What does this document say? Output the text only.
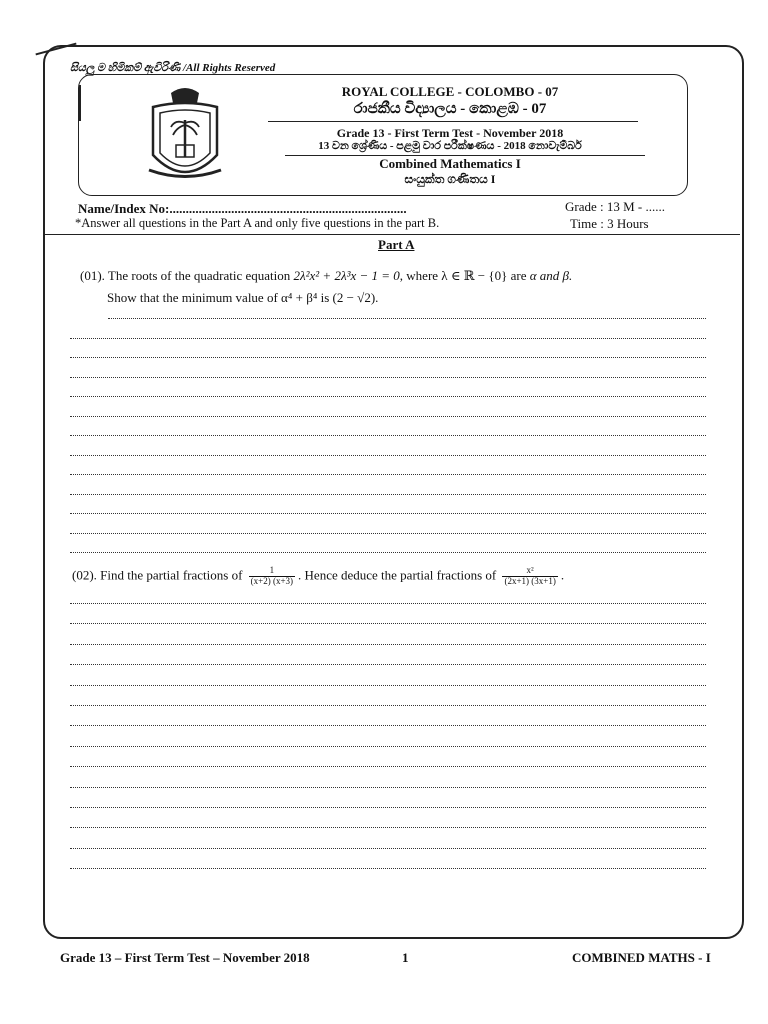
සියලු ම හිමිකම් ඇවිරිණි /All Rights Reserved
ROYAL COLLEGE - COLOMBO - 07
රාජකීය විද්‍යාලය - කොළඹ - 07
Grade 13 - First Term Test - November 2018
13 වන ශ්‍රේණිය - පළමු වාර පරීක්ෂණය - 2018 නොවැම්බර්
Combined Mathematics I
සංයුක්ත ගණිතය I
Name/Index No:.........................................................................	Grade : 13 M - ......
*Answer all questions in the Part A and only five questions in the part B.	Time : 3 Hours
Part A
(01). The roots of the quadratic equation 2λ²x² + 2λ³x − 1 = 0, where λ ∈ ℝ − {0} are α and β.
Show that the minimum value of α⁴ + β⁴ is (2 − √2).
(02). Find the partial fractions of $\frac{1}{(x+2) (x+3)}$ . Hence deduce the partial fractions of $\frac{\text{x²}}{(2x+1) (3x+1)}$ .
Grade 13 – First Term Test – November 2018	1	COMBINED MATHS - I
